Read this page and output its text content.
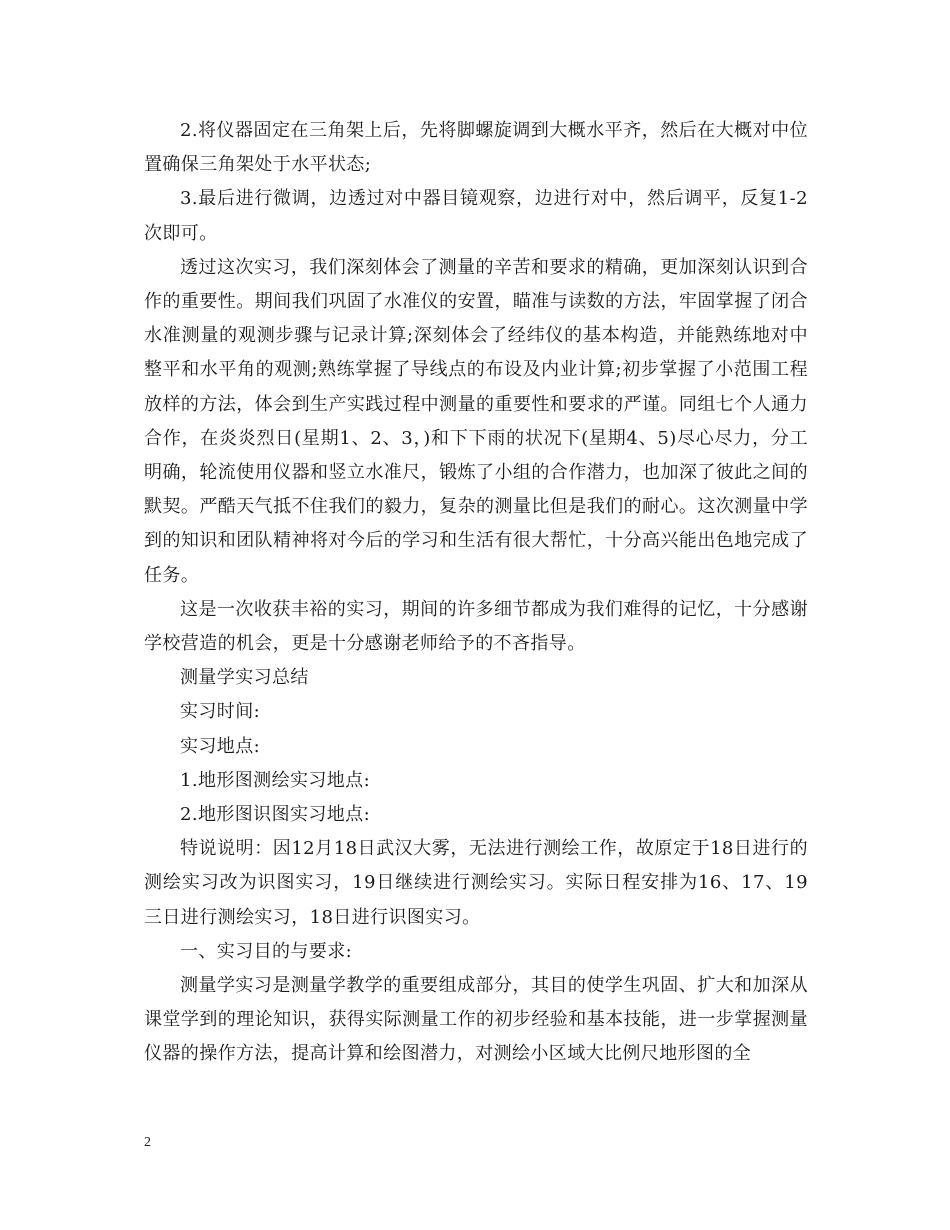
2.将仪器固定在三角架上后，先将脚螺旋调到大概水平齐，然后在大概对中位置确保三角架处于水平状态;

3.最后进行微调，边透过对中器目镜观察，边进行对中，然后调平，反复1-2次即可。

透过这次实习，我们深刻体会了测量的辛苦和要求的精确，更加深刻认识到合作的重要性。期间我们巩固了水准仪的安置，瞄准与读数的方法，牢固掌握了闭合水准测量的观测步骤与记录计算;深刻体会了经纬仪的基本构造，并能熟练地对中整平和水平角的观测;熟练掌握了导线点的布设及内业计算;初步掌握了小范围工程放样的方法，体会到生产实践过程中测量的重要性和要求的严谨。同组七个人通力合作，在炎炎烈日(星期1、2、3，)和下下雨的状况下(星期4、5)尽心尽力，分工明确，轮流使用仪器和竖立水准尺，锻炼了小组的合作潜力，也加深了彼此之间的默契。严酷天气抵不住我们的毅力，复杂的测量比但是我们的耐心。这次测量中学到的知识和团队精神将对今后的学习和生活有很大帮忙，十分高兴能出色地完成了任务。

这是一次收获丰裕的实习，期间的许多细节都成为我们难得的记忆，十分感谢学校营造的机会，更是十分感谢老师给予的不吝指导。

测量学实习总结

实习时间:

实习地点:

1.地形图测绘实习地点:

2.地形图识图实习地点:

特说说明：因12月18日武汉大雾，无法进行测绘工作，故原定于18日进行的测绘实习改为识图实习，19日继续进行测绘实习。实际日程安排为16、17、19三日进行测绘实习，18日进行识图实习。

一、实习目的与要求:

测量学实习是测量学教学的重要组成部分，其目的使学生巩固、扩大和加深从课堂学到的理论知识，获得实际测量工作的初步经验和基本技能，进一步掌握测量仪器的操作方法，提高计算和绘图潜力，对测绘小区域大比例尺地形图的全

2
